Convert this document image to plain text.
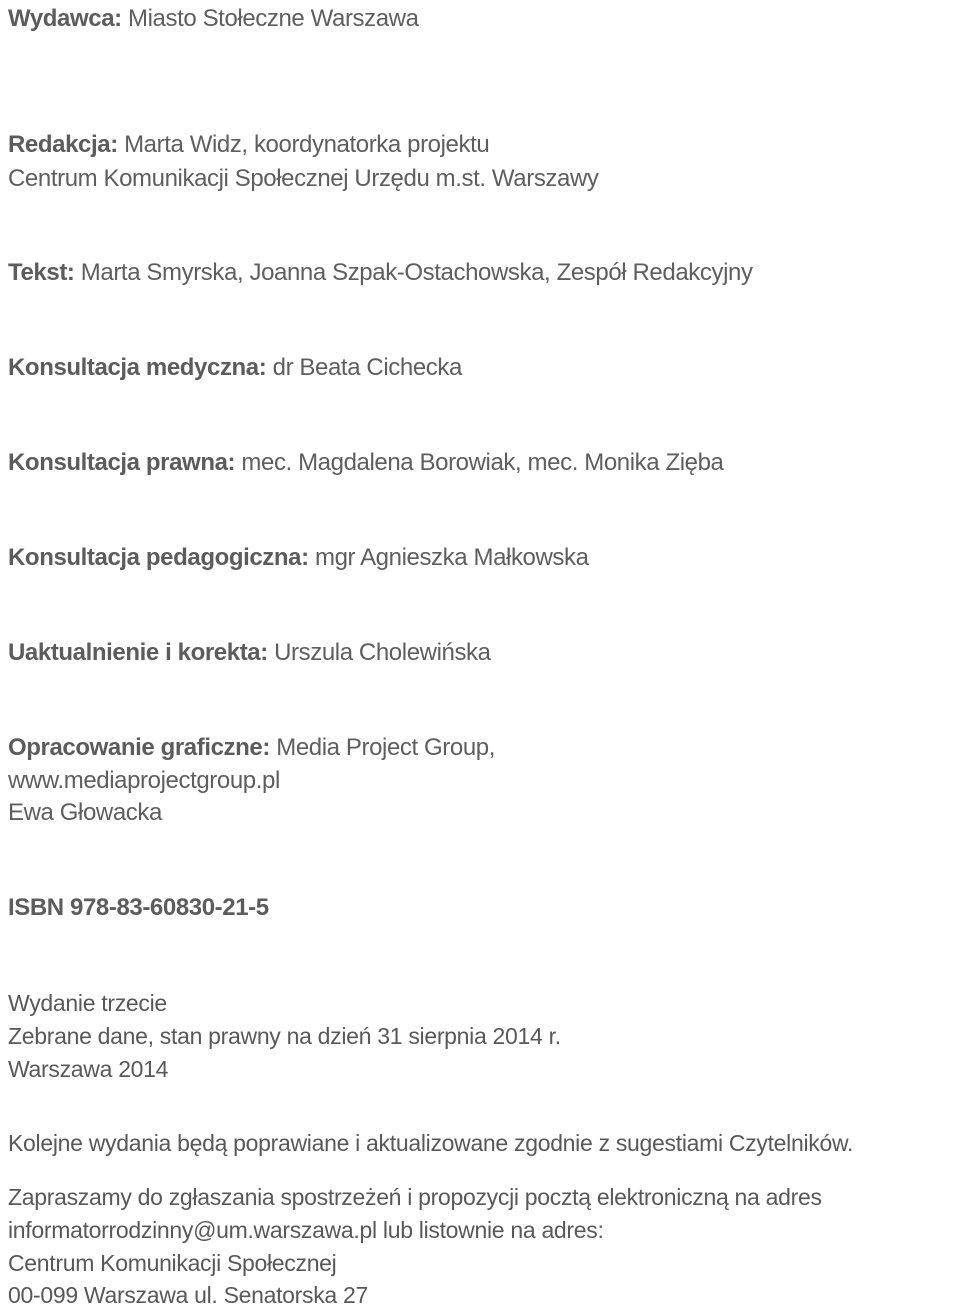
Wydawca: Miasto Stołeczne Warszawa
Redakcja: Marta Widz, koordynatorka projektu
Centrum Komunikacji Społecznej Urzędu m.st. Warszawy
Tekst: Marta Smyrska, Joanna Szpak-Ostachowska, Zespół Redakcyjny
Konsultacja medyczna: dr Beata Cichecka
Konsultacja prawna: mec. Magdalena Borowiak, mec. Monika Zięba
Konsultacja pedagogiczna: mgr Agnieszka Małkowska
Uaktualnienie i korekta: Urszula Cholewińska
Opracowanie graficzne: Media Project Group,
www.mediaprojectgroup.pl
Ewa Głowacka
ISBN 978-83-60830-21-5
Wydanie trzecie
Zebrane dane, stan prawny na dzień 31 sierpnia 2014 r.
Warszawa 2014
Kolejne wydania będą poprawiane i aktualizowane zgodnie z sugestiami Czytelników.
Zapraszamy do zgłaszania spostrzeżeń i propozycji pocztą elektroniczną na adres
informatorrodzinny@um.warszawa.pl lub listownie na adres:
Centrum Komunikacji Społecznej
00-099 Warszawa ul. Senatorska 27
